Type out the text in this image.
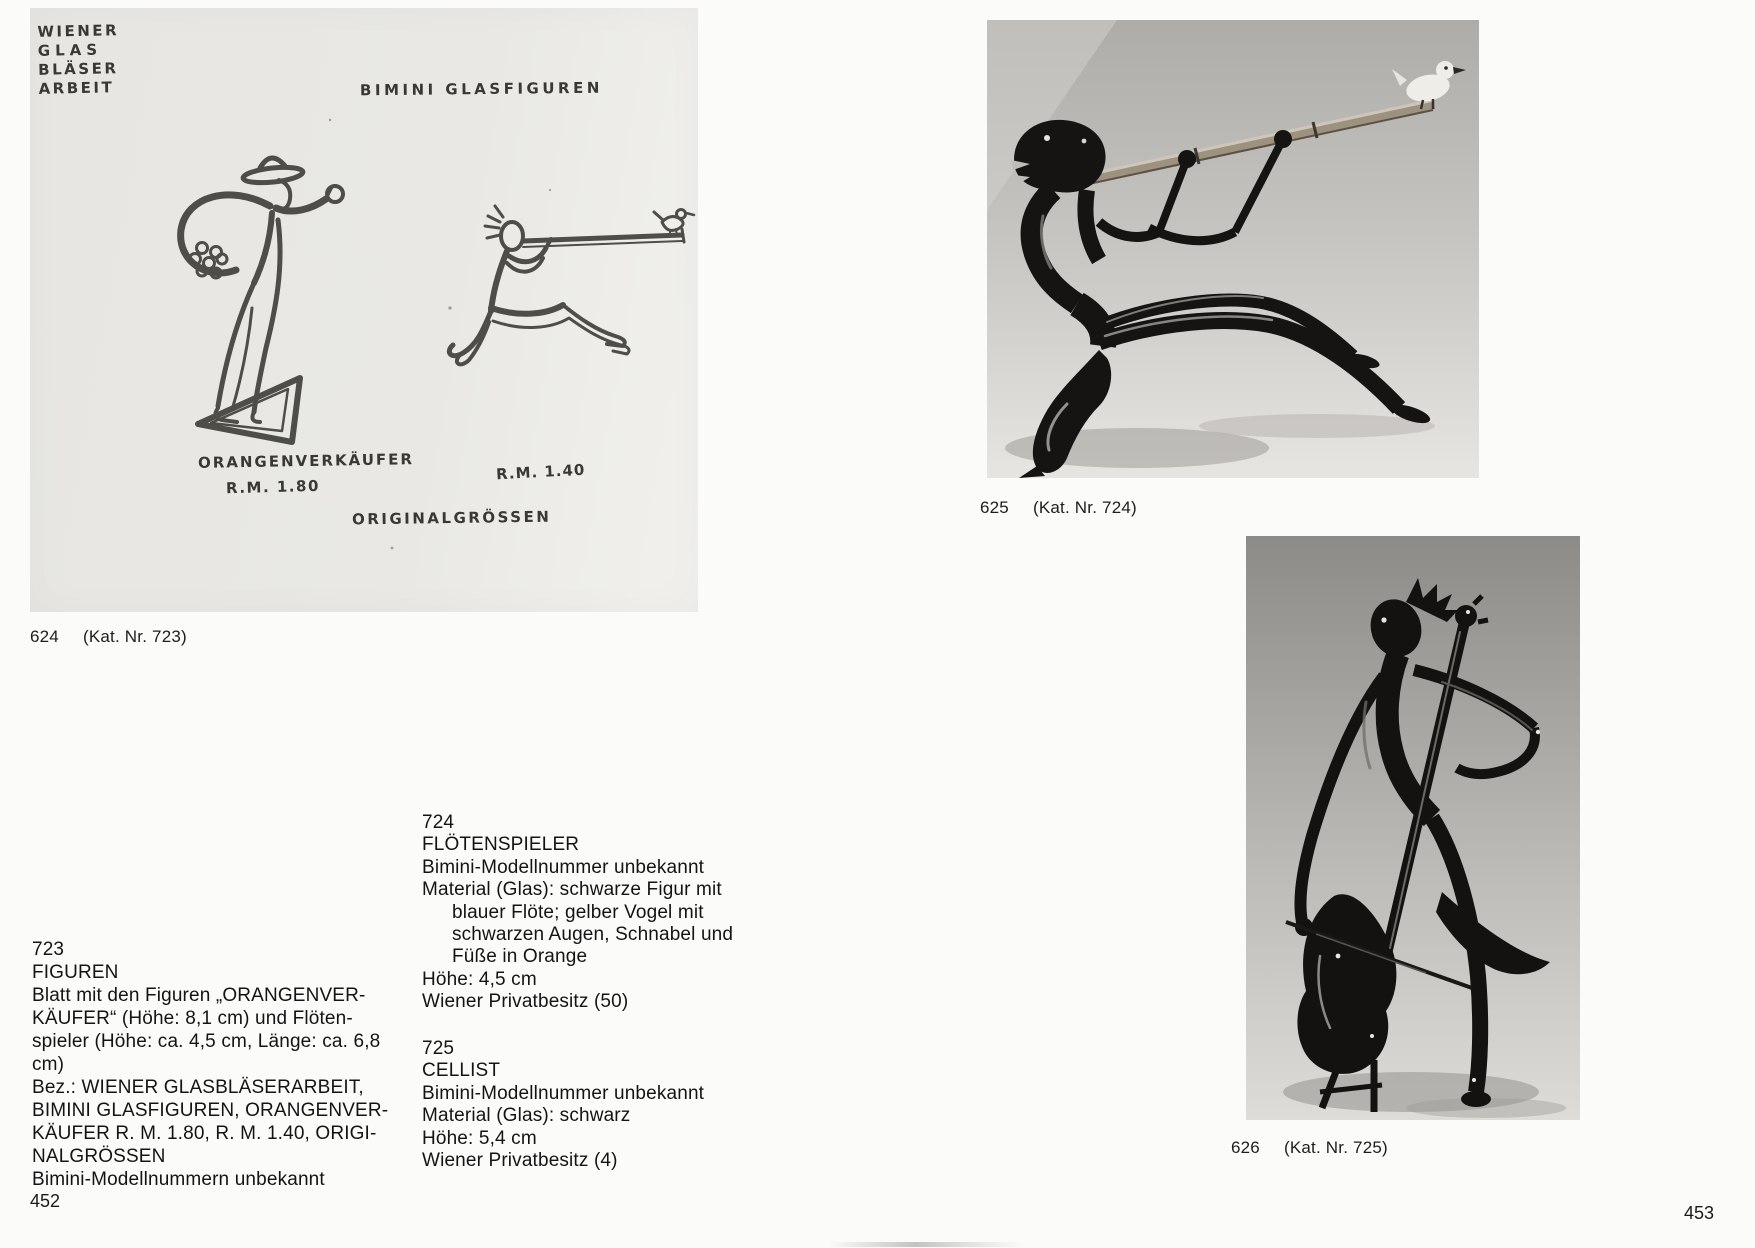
WIENER
GLAS
BLÄSER
ARBEIT	BIMINI GLASFIGUREN
ORANGENVERKÄUFER
R.M. 1.80
R.M. 1.40
ORIGINALGRÖSSEN
624 (Kat. Nr. 723)
625 (Kat. Nr. 724)
626 (Kat. Nr. 725)
723
FIGUREN
Blatt mit den Figuren „ORANGENVER-
KÄUFER“ (Höhe: 8,1 cm) und Flöten-
spieler (Höhe: ca. 4,5 cm, Länge: ca. 6,8
cm)
Bez.: WIENER GLASBLÄSERARBEIT,
BIMINI GLASFIGUREN, ORANGENVER-
KÄUFER R. M. 1.80, R. M. 1.40, ORIGI-
NALGRÖSSEN
Bimini-Modellnummern unbekannt
724
FLÖTENSPIELER
Bimini-Modellnummer unbekannt
Material (Glas): schwarze Figur mit
blauer Flöte; gelber Vogel mit
schwarzen Augen, Schnabel und
Füße in Orange
Höhe: 4,5 cm
Wiener Privatbesitz (50)
725
CELLIST
Bimini-Modellnummer unbekannt
Material (Glas): schwarz
Höhe: 5,4 cm
Wiener Privatbesitz (4)
452
453
